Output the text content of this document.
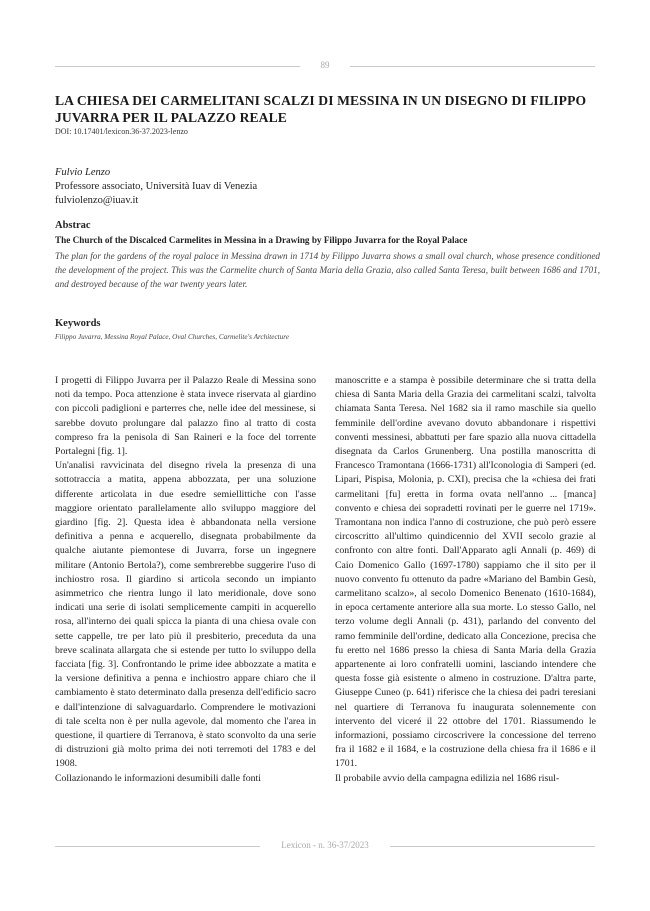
89
LA CHIESA DEI CARMELITANI SCALZI DI MESSINA IN UN DISEGNO DI FILIPPO JUVARRA PER IL PALAZZO REALE
DOI: 10.17401/lexicon.36-37.2023-lenzo
Fulvio Lenzo
Professore associato, Università Iuav di Venezia
fulviolenzo@iuav.it
Abstrac
The Church of the Discalced Carmelites in Messina in a Drawing by Filippo Juvarra for the Royal Palace
The plan for the gardens of the royal palace in Messina drawn in 1714 by Filippo Juvarra shows a small oval church, whose presence conditioned the development of the project. This was the Carmelite church of Santa Maria della Grazia, also called Santa Teresa, built between 1686 and 1701, and destroyed because of the war twenty years later.
Keywords
Filippo Juvarra, Messina Royal Palace, Oval Churches, Carmelite's Architecture

I progetti di Filippo Juvarra per il Palazzo Reale di Messina sono noti da tempo. Poca attenzione è stata invece riservata al giardino con piccoli padiglioni e parterres che, nelle idee del messinese, si sarebbe dovuto prolungare dal palazzo fino al tratto di costa compreso fra la penisola di San Raineri e la foce del torrente Portalegni [fig. 1].

Un'analisi ravvicinata del disegno rivela la presenza di una sottotraccia a matita, appena abbozzata, per una soluzione differente articolata in due esedre semiellittiche con l'asse maggiore orientato parallelamente allo sviluppo maggiore del giardino [fig. 2]. Questa idea è abbandonata nella versione definitiva a penna e acquerello, disegnata probabilmente da qualche aiutante piemontese di Juvarra, forse un ingegnere militare (Antonio Bertola?), come sembrerebbe suggerire l'uso di inchiostro rosa. Il giardino si articola secondo un impianto asimmetrico che rientra lungo il lato meridionale, dove sono indicati una serie di isolati semplicemente campiti in acquerello rosa, all'interno dei quali spicca la pianta di una chiesa ovale con sette cappelle, tre per lato più il presbiterio, preceduta da una breve scalinata allargata che si estende per tutto lo sviluppo della facciata [fig. 3]. Confrontando le prime idee abbozzate a matita e la versione definitiva a penna e inchiostro appare chiaro che il cambiamento è stato determinato dalla presenza dell'edificio sacro e dall'intenzione di salvaguardarlo. Comprendere le motivazioni di tale scelta non è per nulla agevole, dal momento che l'area in questione, il quartiere di Terranova, è stato sconvolto da una serie di distruzioni già molto prima dei noti terremoti del 1783 e del 1908.

Collazionando le informazioni desumibili dalle fonti

manoscritte e a stampa è possibile determinare che si tratta della chiesa di Santa Maria della Grazia dei carmelitani scalzi, talvolta chiamata Santa Teresa. Nel 1682 sia il ramo maschile sia quello femminile dell'ordine avevano dovuto abbandonare i rispettivi conventi messinesi, abbattuti per fare spazio alla nuova cittadella disegnata da Carlos Grunenberg. Una postilla manoscritta di Francesco Tramontana (1666-1731) all'Iconologia di Samperi (ed. Lipari, Pispisa, Molonia, p. CXI), precisa che la «chiesa dei frati carmelitani [fu] eretta in forma ovata nell'anno ... [manca] convento e chiesa dei sopradetti rovinati per le guerre nel 1719». Tramontana non indica l'anno di costruzione, che può però essere circoscritto all'ultimo quindicennio del XVII secolo grazie al confronto con altre fonti. Dall'Apparato agli Annali (p. 469) di Caio Domenico Gallo (1697-1780) sappiamo che il sito per il nuovo convento fu ottenuto da padre «Mariano del Bambin Gesù, carmelitano scalzo», al secolo Domenico Benenato (1610-1684), in epoca certamente anteriore alla sua morte. Lo stesso Gallo, nel terzo volume degli Annali (p. 431), parlando del convento del ramo femminile dell'ordine, dedicato alla Concezione, precisa che fu eretto nel 1686 presso la chiesa di Santa Maria della Grazia appartenente ai loro confratelli uomini, lasciando intendere che questa fosse già esistente o almeno in costruzione. D'altra parte, Giuseppe Cuneo (p. 641) riferisce che la chiesa dei padri teresiani nel quartiere di Terranova fu inaugurata solennemente con intervento del viceré il 22 ottobre del 1701. Riassumendo le informazioni, possiamo circoscrivere la concessione del terreno fra il 1682 e il 1684, e la costruzione della chiesa fra il 1686 e il 1701.

Il probabile avvio della campagna edilizia nel 1686 risul-

Lexicon - n. 36-37/2023
